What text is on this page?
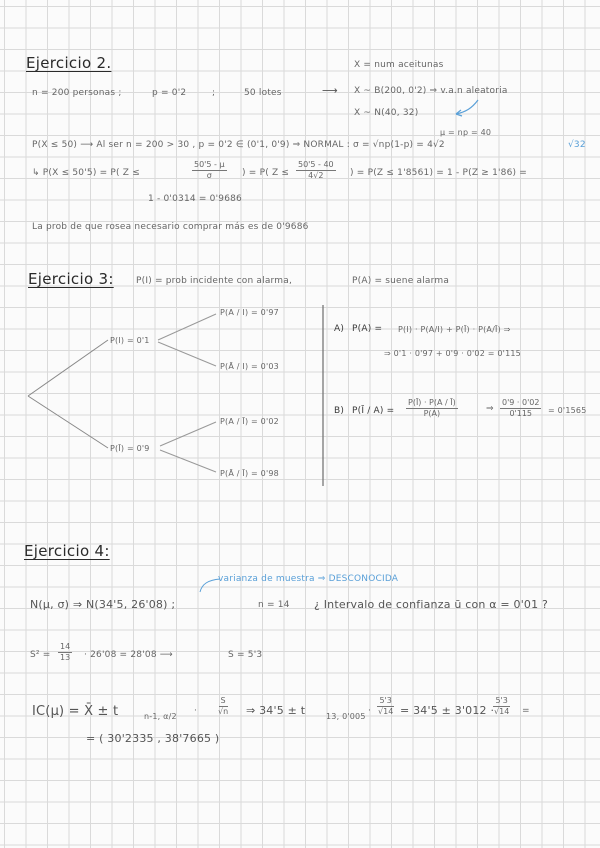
Ejercicio 2.
n = 200 personas ;	p = 0'2	;	50 lotes	⟶
X = num aceitunas
X ~ B(200, 0'2) ⇒ v.a.n aleatoria
X ~ N(40, 32)
μ = np = 40
P(X ≤ 50) ⟶ Al ser n = 200 > 30 , p = 0'2 ∈ (0'1, 0'9) ⇒ NORMAL : σ = √np(1-p) = 4√2	√32
↳ P(X ≤ 50'5) = P( Z ≤	$\frac{50'5 - \mu}{\sigma}$ ) = P( $Z \le \frac{50'5 - 40}{4√2}$ ) = P(Z ≤ 1'8561) = 1 - P(Z ≥ 1'86) =
1 - 0'0314 = 0'9686
La prob de que rosea necesario comprar más es de 0'9686
Ejercicio 3: P(I) = prob incidente con alarma,	P(A) = suene alarma
P(I) = 0'1
P(Ī) = 0'9
P(A / I) = 0'97
P(Ā / I) = 0'03
P(A / Ī) = 0'02
P(Ā / Ī) = 0'98
A) P(A) = P(I) · P(A/I) + P(Ī) · P(A/Ī) ⇒
⇒ 0'1 · 0'97 + 0'9 · 0'02 = 0'115
B) P(Ī / $A) = \frac{P(Ī) \cdot P(A / Ī)}{P(A)}$	⇒ $\frac{0'9 \cdot 0'02}{0'115} = 0'1565$
Ejercicio 4:
varianza de muestra ⇒ DESCONOCIDA
N(μ, σ) ⇒ N(34'5, 26'08) ;	n = 14 ¿ Intervalo de confianza ū con α = 0'01 ?
$S^2 = \frac{14}{13} \cdot 26'08 = 28'08$ ⟶	S = 5'3
IC(μ) = X̄ ± t	n-1, α/2
· $\frac{S}{√n}$ ⇒ 34'5 ± t	13, 0'005
· $\frac{5'3}{√14} = 34'5 \pm 3'012$ ·
$\frac{5'3}{√14}$ =
= ( 30'2335 , 38'7665 )
